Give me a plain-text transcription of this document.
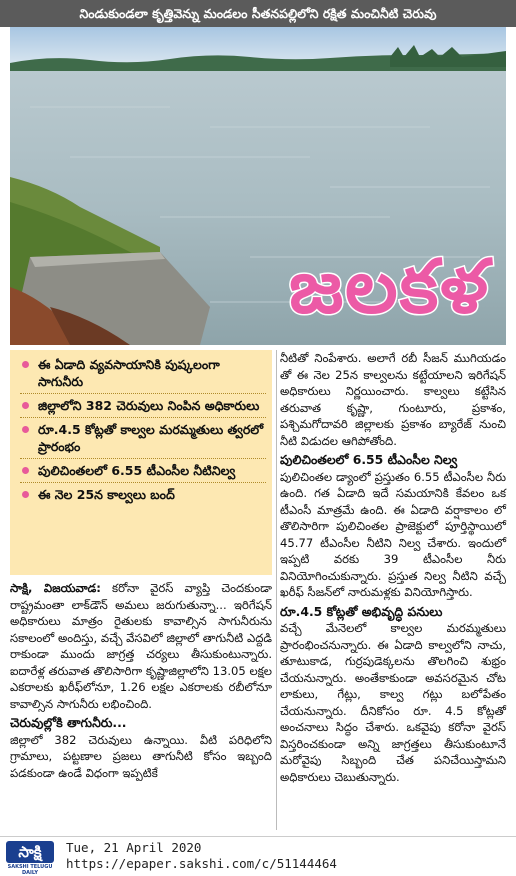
నిండుకుండలా కృత్తివెన్ను మండలం సీతనపల్లిలోని రక్షిత మంచినీటి చెరువు
జలకళ
ఈ ఏడాది వ్యవసాయానికి పుష్కలంగా సాగునీరు
జిల్లాలోని 382 చెరువులు నింపిన అధికారులు
రూ.4.5 కోట్లతో కాల్వల మరమ్మతులు త్వరలో ప్రారంభం
పులిచింతలలో 6.55 టీఎంసీల నీటినిల్వ
ఈ నెల 25న కాల్వలు బంద్

సాక్షి, విజయవాడ: కరోనా వైరస్ వ్యాప్తి చెందకుండా రాష్ట్రమంతా లాక్‌డౌన్ అమలు జరుగుతున్నా... ఇరిగేషన్ అధికారులు మాత్రం రైతులకు కావాల్సిన సాగునీరును సకాలంలో అందిస్తు, వచ్చే వేసవిలో జిల్లాలో తాగునీటి ఎద్దడి రాకుండా ముందు జాగ్రత్త చర్యలు తీసుకుంటున్నారు. ఐదారేళ్ల తరువాత తొలిసారిగా కృష్ణాజిల్లాలోని 13.05 లక్షల ఎకరాలకు ఖరీఫ్‌లోనూ, 1.26 లక్షల ఎకరాలకు రబీలోనూ కావాల్సిన సాగునీరు లభించింది.

చెరువుల్లోకి తాగునీరు...

జిల్లాలో 382 చెరువులు ఉన్నాయి. వీటి పరిధిలోని గ్రామాలు, పట్టణాల ప్రజలు తాగునీటి కోసం ఇబ్బంది పడకుండా ఉండే విధంగా ఇప్పటికే

నీటితో నింపేశారు. అలాగే రబీ సీజన్ ముగియడం తో ఈ నెల 25న కాల్వలను కట్టేయాలని ఇరిగేషన్ అధికారులు నిర్ణయించారు. కాల్వలు కట్టేసిన తరువాత కృష్ణా, గుంటూరు, ప్రకాశం, పశ్చిమగోదావరి జిల్లాలకు ప్రకాశం బ్యారేజ్ నుంచి నీటి విడుదల ఆగిపోతోంది.

పులిచింతలలో 6.55 టీఎంసీల నిల్వ

పులిచింతల డ్యాంలో ప్రస్తుతం 6.55 టీఎంసీల నీరు ఉంది. గత ఏడాది ఇదే సమయానికి కేవలం ఒక టీఎంసీ మాత్రమే ఉంది. ఈ ఏడాది వర్షాకాలం లో తొలిసారిగా పులిచింతల ప్రాజెక్టులో పూర్తిస్థాయిలో 45.77 టీఎంసీల నీటిని నిల్వ చేశారు. ఇందులో ఇప్పటి వరకు 39 టీఎంసీల నీరు వినియోగించుకున్నారు. ప్రస్తుత నిల్వ నీటిని వచ్చే ఖరీఫ్ సీజన్‌లో నారుమళ్లకు వినియోగిస్తారు.

రూ.4.5 కోట్లతో అభివృద్ధి పనులు

వచ్చే మేనెలలో కాల్వల మరమ్మతులు ప్రారంభించనున్నారు. ఈ ఏడాది కాల్వలోని నాచు, తూటుకాడ, గుర్రపుడెక్కలను తొలగించి శుభ్రం చేయనున్నారు. అంతేకాకుండా అవసరమైన చోట లాకులు, గేట్లు, కాల్వ గట్లు బలోపేతం చేయనున్నారు. దీనికోసం రూ. 4.5 కోట్లతో అంచనాలు సిద్ధం చేశారు. ఒకవైపు కరోనా వైరస్ విస్తరించకుండా అన్ని జాగ్రత్తలు తీసుకుంటూనే మరోవైపు సిబ్బంది చేత పనిచేయిస్తామని అధికారులు చెబుతున్నారు.

సాక్షి
SAKSHI TELUGU DAILY
Tue, 21 April 2020
https://epaper.sakshi.com/c/51144464
